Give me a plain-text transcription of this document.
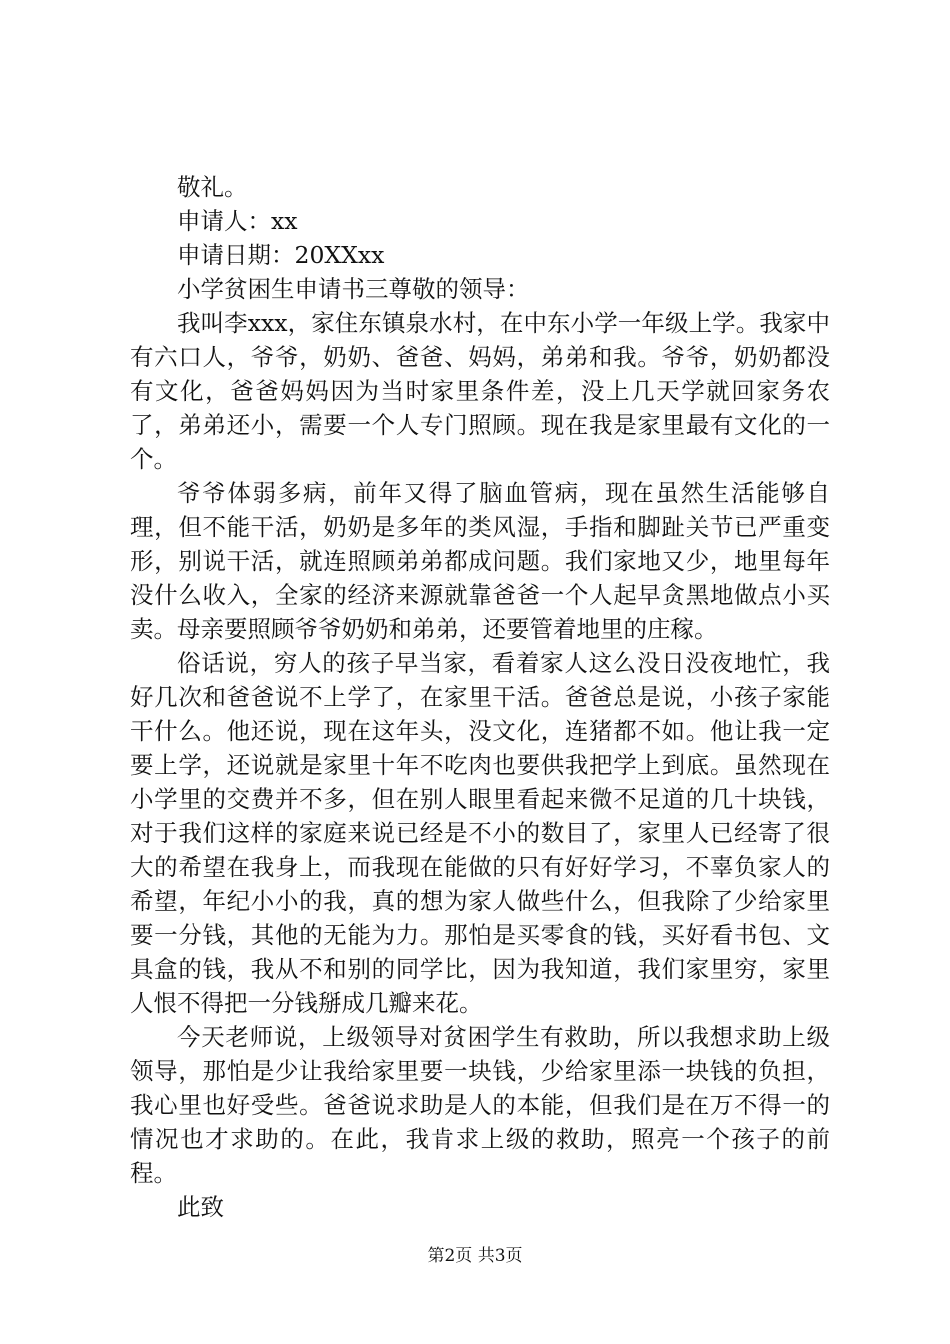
敬礼。
申请人：xx
申请日期：20XXxx
小学贫困生申请书三尊敬的领导：
我叫李xxx，家住东镇泉水村，在中东小学一年级上学。我家中有六口人，爷爷，奶奶、爸爸、妈妈，弟弟和我。爷爷，奶奶都没有文化，爸爸妈妈因为当时家里条件差，没上几天学就回家务农了，弟弟还小，需要一个人专门照顾。现在我是家里最有文化的一个。
爷爷体弱多病，前年又得了脑血管病，现在虽然生活能够自理，但不能干活，奶奶是多年的类风湿，手指和脚趾关节已严重变形，别说干活，就连照顾弟弟都成问题。我们家地又少，地里每年没什么收入，全家的经济来源就靠爸爸一个人起早贪黑地做点小买卖。母亲要照顾爷爷奶奶和弟弟，还要管着地里的庄稼。
俗话说，穷人的孩子早当家，看着家人这么没日没夜地忙，我好几次和爸爸说不上学了，在家里干活。爸爸总是说，小孩子家能干什么。他还说，现在这年头，没文化，连猪都不如。他让我一定要上学，还说就是家里十年不吃肉也要供我把学上到底。虽然现在小学里的交费并不多，但在别人眼里看起来微不足道的几十块钱，对于我们这样的家庭来说已经是不小的数目了，家里人已经寄了很大的希望在我身上，而我现在能做的只有好好学习，不辜负家人的希望，年纪小小的我，真的想为家人做些什么，但我除了少给家里要一分钱，其他的无能为力。那怕是买零食的钱，买好看书包、文具盒的钱，我从不和别的同学比，因为我知道，我们家里穷，家里人恨不得把一分钱掰成几瓣来花。
今天老师说，上级领导对贫困学生有救助，所以我想求助上级领导，那怕是少让我给家里要一块钱，少给家里添一块钱的负担，我心里也好受些。爸爸说求助是人的本能，但我们是在万不得一的情况也才求助的。在此，我肯求上级的救助，照亮一个孩子的前程。
此致
第2页 共3页
